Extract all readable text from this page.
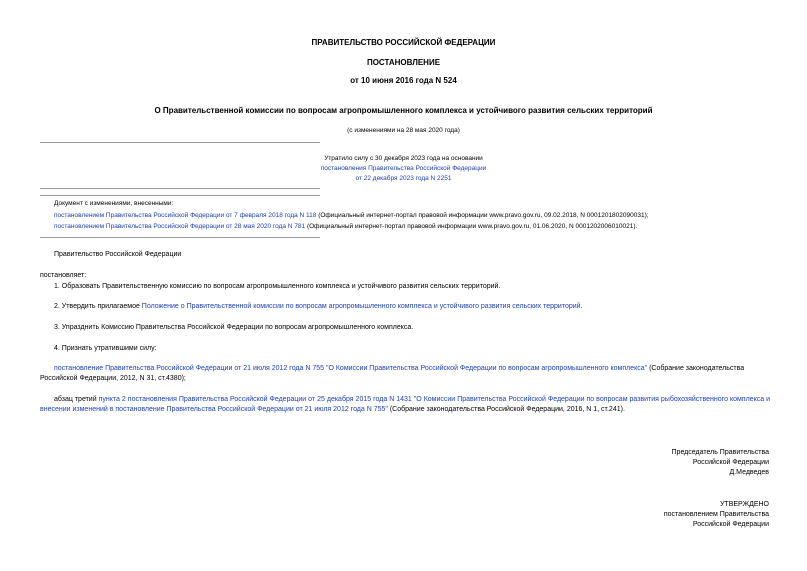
ПРАВИТЕЛЬСТВО РОССИЙСКОЙ ФЕДЕРАЦИИ
ПОСТАНОВЛЕНИЕ
от 10 июня 2016 года N 524
О Правительственной комиссии по вопросам агропромышленного комплекса и устойчивого развития сельских территорий
(с изменениями на 28 мая 2020 года)
Утратило силу с 30 декабря 2023 года на основании
постановления Правительства Российской Федерации
от 22 декабря 2023 года N 2251
Документ с изменениями, внесенными:
постановлением Правительства Российской Федерации от 7 февраля 2018 года N 118 (Официальный интернет-портал правовой информации www.pravo.gov.ru, 09.02.2018, N 0001201802090031);
постановлением Правительства Российской Федерации от 28 мая 2020 года N 781 (Официальный интернет-портал правовой информации www.pravo.gov.ru, 01.06.2020, N 0001202006010021).
Правительство Российской Федерации
постановляет:
1. Образовать Правительственную комиссию по вопросам агропромышленного комплекса и устойчивого развития сельских территорий.
2. Утвердить прилагаемое Положение о Правительственной комиссии по вопросам агропромышленного комплекса и устойчивого развития сельских территорий.
3. Упразднить Комиссию Правительства Российской Федерации по вопросам агропромышленного комплекса.
4. Признать утратившими силу:
постановление Правительства Российской Федерации от 21 июля 2012 года N 755 "О Комиссии Правительства Российской Федерации по вопросам агропромышленного комплекса" (Собрание законодательства Российской Федерации, 2012, N 31, ст.4380);
абзац третий пункта 2 постановления Правительства Российской Федерации от 25 декабря 2015 года N 1431 "О Комиссии Правительства Российской Федерации по вопросам развития рыбохозяйственного комплекса и внесении изменений в постановление Правительства Российской Федерации от 21 июля 2012 года N 755" (Собрание законодательства Российской Федерации, 2016, N 1, ст.241).
Председатель Правительства
Российской Федерации
Д.Медведев
УТВЕРЖДЕНО
постановлением Правительства
Российской Федерации
